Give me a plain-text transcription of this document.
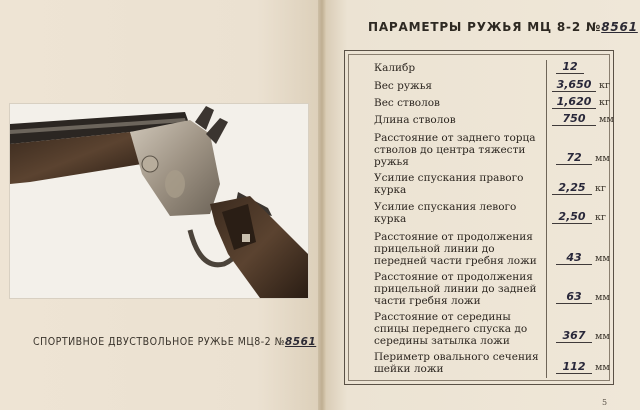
СПОРТИВНОЕ ДВУСТВОЛЬНОЕ РУЖЬЕ МЦ8-2 №8561
ПАРАМЕТРЫ РУЖЬЯ МЦ 8-2 №8561
Калибр	12
Вес ружья	3,650 кг
Вес стволов	1,620 кг
Длина стволов	750	мм
Расстояние от заднего торца стволов до центра тяжести ружья	72	мм
Усилие спускания правого курка	2,25 кг
Усилие спускания левого курка	2,50 кг
Расстояние от продолжения прицельной линии до передней части гребня ложи	43	мм
Расстояние от продолжения прицельной линии до задней части гребня ложи	63	мм
Расстояние от середины спицы переднего спуска до середины затылка ложи	367	мм
Периметр овального сечения шейки ложи	112	мм
5
